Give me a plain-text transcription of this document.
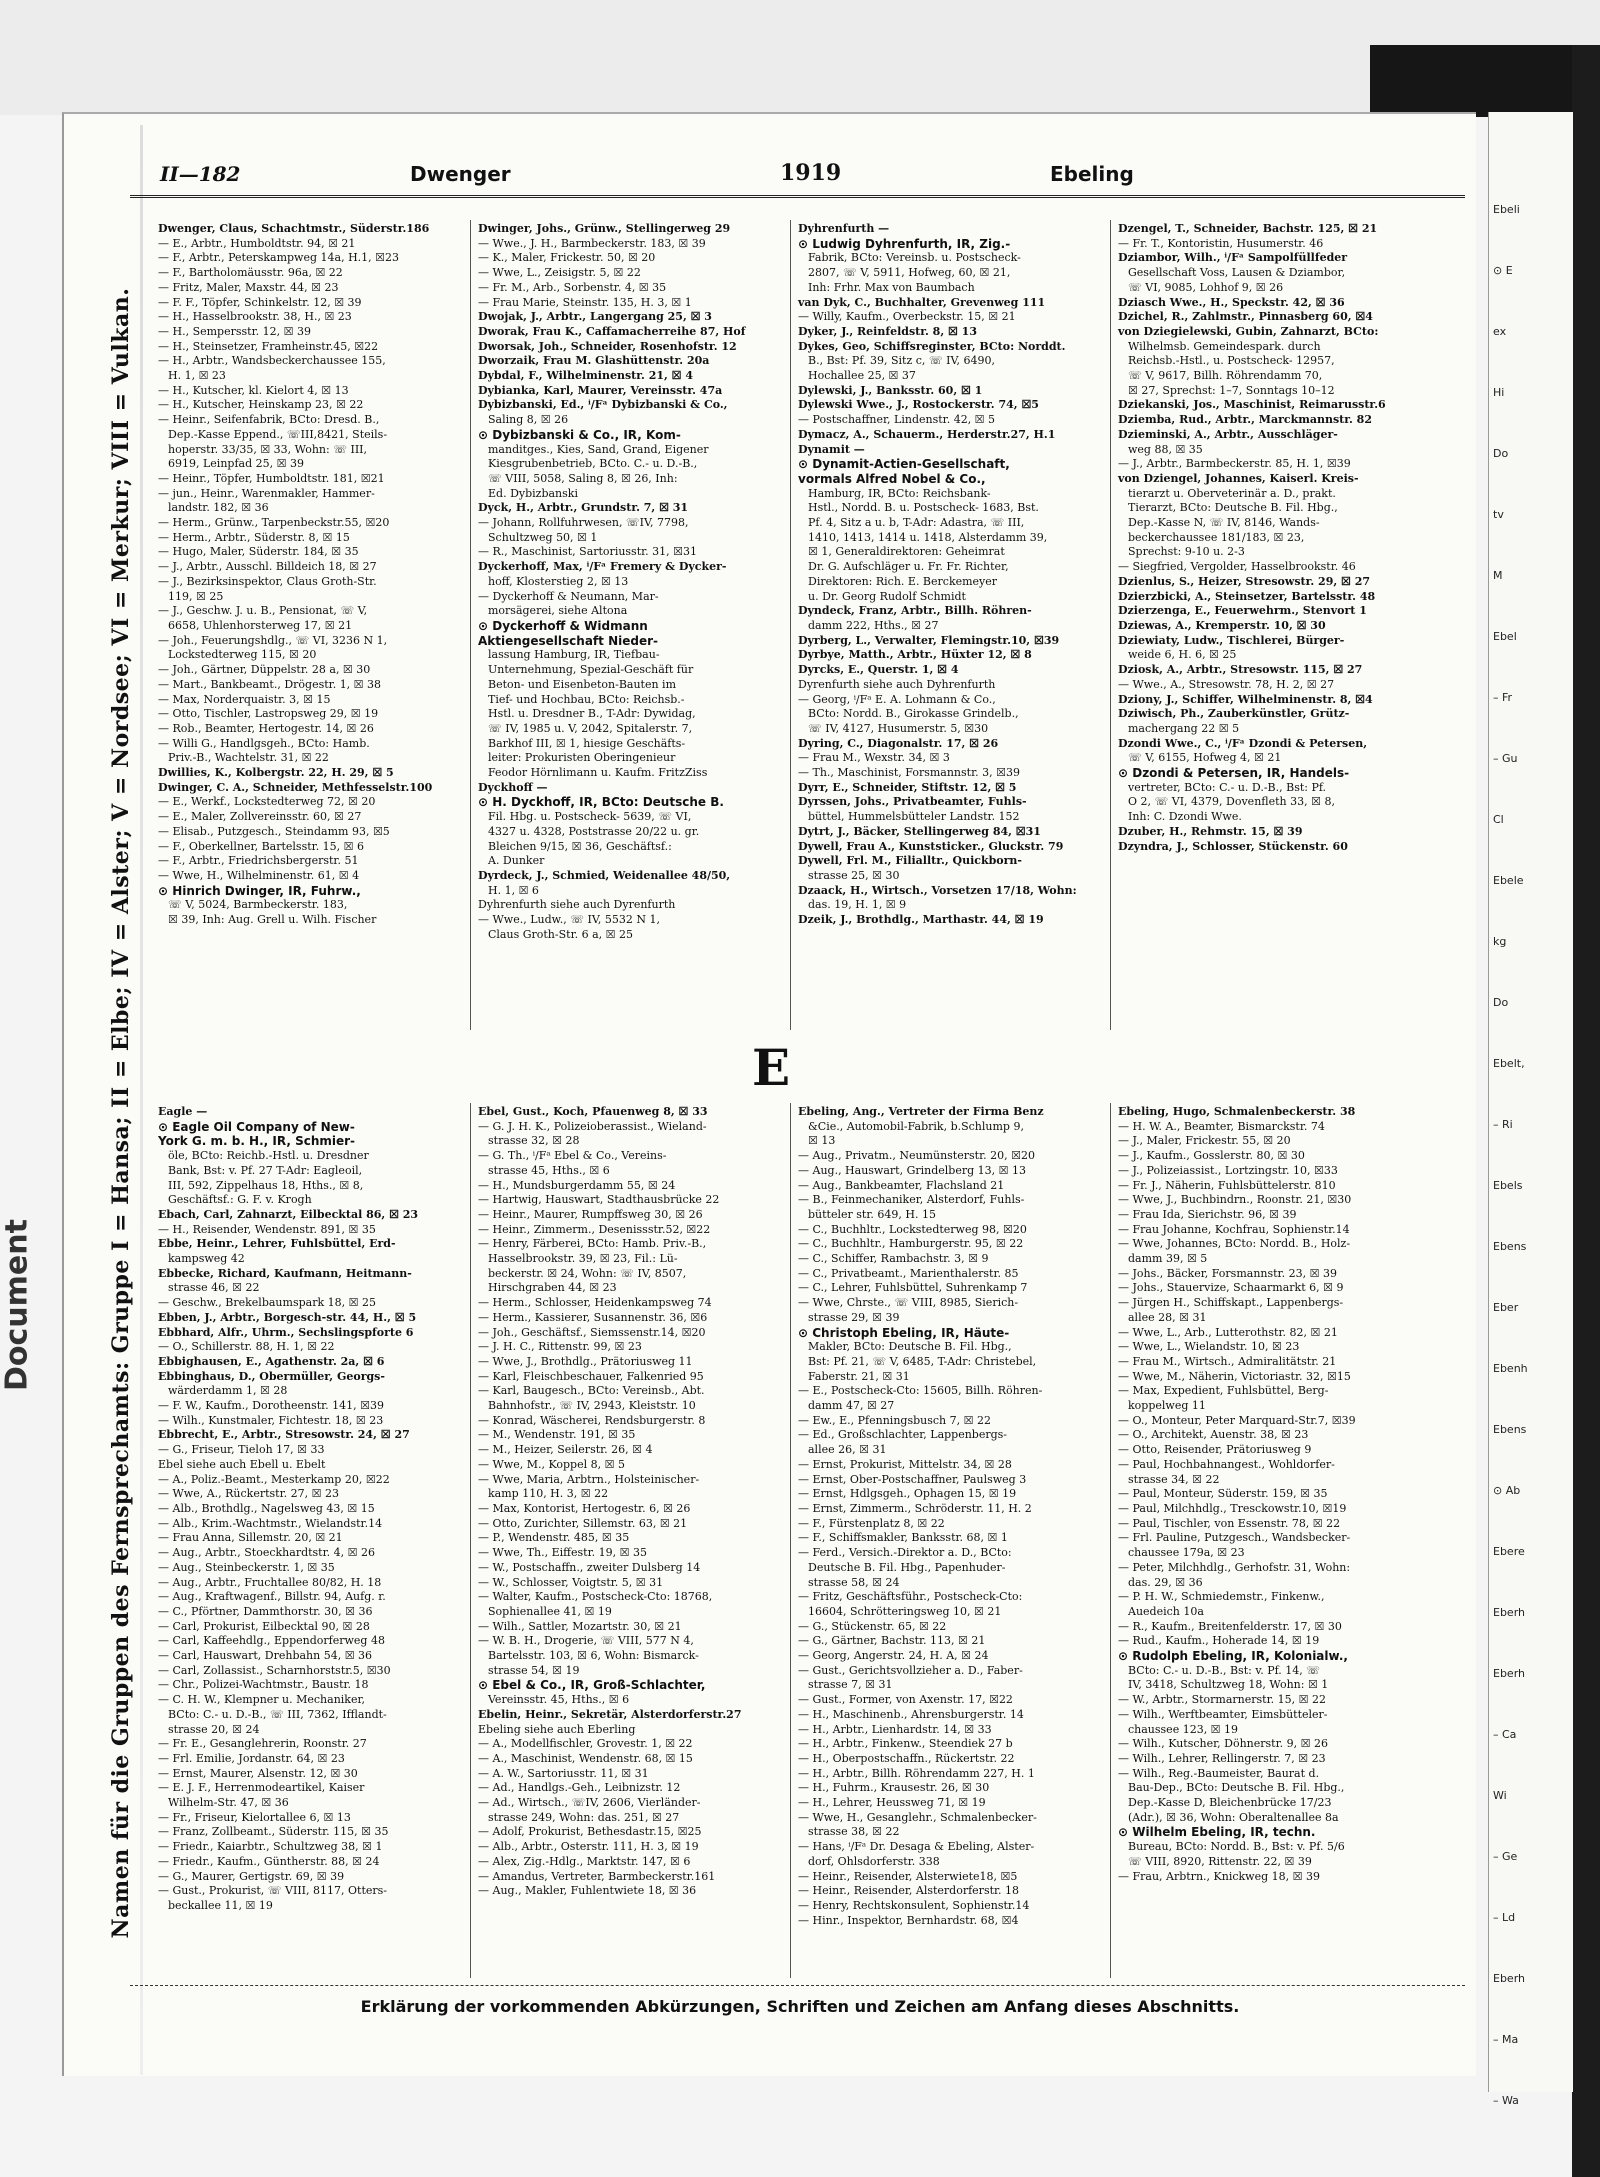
Document
Ebeli
⊙ E
ex
Hi
Do
tv
M
Ebel
– Fr
– Gu
Cl
Ebele
kg
Do
Ebelt,
– Ri
Ebels
Ebens
Eber
Ebenh
Ebens
⊙ Ab
Ebere
Eberh
Eberh
– Ca
Wi
– Ge
– Ld
Eberh
– Ma
– Wa
II—182	Dwenger	1919	Ebeling
Namen für die Gruppen des Fernsprechamts: Gruppe I = Hansa; II = Elbe; IV = Alster; V = Nordsee; VI = Merkur; VIII = Vulkan.
Dwenger, Claus, Schachtmstr., Süderstr.186
— E., Arbtr., Humboldtstr. 94, ☒ 21
— F., Arbtr., Peterskampweg 14a, H.1, ☒23
— F., Bartholomäusstr. 96a, ☒ 22
— Fritz, Maler, Maxstr. 44, ☒ 23
— F. F., Töpfer, Schinkelstr. 12, ☒ 39
— H., Hasselbrookstr. 38, H., ☒ 23
— H., Sempersstr. 12, ☒ 39
— H., Steinsetzer, Framheinstr.45, ☒22
— H., Arbtr., Wandsbeckerchaussee 155,
H. 1, ☒ 23
— H., Kutscher, kl. Kielort 4, ☒ 13
— H., Kutscher, Heinskamp 23, ☒ 22
— Heinr., Seifenfabrik, BCto: Dresd. B.,
Dep.-Kasse Eppend., ☏III,8421, Steils-
hoperstr. 33/35, ☒ 33, Wohn: ☏ III,
6919, Leinpfad 25, ☒ 39
— Heinr., Töpfer, Humboldtstr. 181, ☒21
— jun., Heinr., Warenmakler, Hammer-
landstr. 182, ☒ 36
— Herm., Grünw., Tarpenbeckstr.55, ☒20
— Herm., Arbtr., Süderstr. 8, ☒ 15
— Hugo, Maler, Süderstr. 184, ☒ 35
— J., Arbtr., Ausschl. Billdeich 18, ☒ 27
— J., Bezirksinspektor, Claus Groth-Str.
119, ☒ 25
— J., Geschw. J. u. B., Pensionat, ☏ V,
6658, Uhlenhorsterweg 17, ☒ 21
— Joh., Feuerungshdlg., ☏ VI, 3236 N 1,
Lockstedterweg 115, ☒ 20
— Joh., Gärtner, Düppelstr. 28 a, ☒ 30
— Mart., Bankbeamt., Drögestr. 1, ☒ 38
— Max, Norderquaistr. 3, ☒ 15
— Otto, Tischler, Lastropsweg 29, ☒ 19
— Rob., Beamter, Hertogestr. 14, ☒ 26
— Willi G., Handlgsgeh., BCto: Hamb.
Priv.-B., Wachtelstr. 31, ☒ 22
Dwillies, K., Kolbergstr. 22, H. 29, ☒ 5
Dwinger, C. A., Schneider, Methfesselstr.100
— E., Werkf., Lockstedterweg 72, ☒ 20
— E., Maler, Zollvereinsstr. 60, ☒ 27
— Elisab., Putzgesch., Steindamm 93, ☒5
— F., Oberkellner, Bartelsstr. 15, ☒ 6
— F., Arbtr., Friedrichsbergerstr. 51
— Wwe, H., Wilhelminenstr. 61, ☒ 4
⊙ Hinrich Dwinger, IR, Fuhrw.,
☏ V, 5024, Barmbeckerstr. 183,
☒ 39, Inh: Aug. Grell u. Wilh. Fischer
Dwinger, Johs., Grünw., Stellingerweg 29
— Wwe., J. H., Barmbeckerstr. 183, ☒ 39
— K., Maler, Frickestr. 50, ☒ 20
— Wwe, L., Zeisigstr. 5, ☒ 22
— Fr. M., Arb., Sorbenstr. 4, ☒ 35
— Frau Marie, Steinstr. 135, H. 3, ☒ 1
Dwojak, J., Arbtr., Langergang 25, ☒ 3
Dworak, Frau K., Caffamacherreihe 87, Hof
Dworsak, Joh., Schneider, Rosenhofstr. 12
Dworzaik, Frau M. Glashüttenstr. 20a
Dybdal, F., Wilhelminenstr. 21, ☒ 4
Dybianka, Karl, Maurer, Vereinsstr. 47a
Dybizbanski, Ed., ⁱ/Fᵃ Dybizbanski & Co.,
Saling 8, ☒ 26
⊙ Dybizbanski & Co., IR, Kom-
manditges., Kies, Sand, Grand, Eigener
Kiesgrubenbetrieb, BCto. C.- u. D.-B.,
☏ VIII, 5058, Saling 8, ☒ 26, Inh:
Ed. Dybizbanski
Dyck, H., Arbtr., Grundstr. 7, ☒ 31
— Johann, Rollfuhrwesen, ☏IV, 7798,
Schultzweg 50, ☒ 1
— R., Maschinist, Sartoriusstr. 31, ☒31
Dyckerhoff, Max, ⁱ/Fᵃ Fremery & Dycker-
hoff, Klosterstieg 2, ☒ 13
— Dyckerhoff & Neumann, Mar-
morsägerei, siehe Altona
⊙ Dyckerhoff & Widmann
Aktiengesellschaft Nieder-
lassung Hamburg, IR, Tiefbau-
Unternehmung, Spezial-Geschäft für
Beton- und Eisenbeton-Bauten im
Tief- und Hochbau, BCto: Reichsb.-
Hstl. u. Dresdner B., T-Adr: Dywidag,
☏ IV, 1985 u. V, 2042, Spitalerstr. 7,
Barkhof III, ☒ 1, hiesige Geschäfts-
leiter: Prokuristen Oberingenieur
Feodor Hörnlimann u. Kaufm. FritzZiss
Dyckhoff —
⊙ H. Dyckhoff, IR, BCto: Deutsche B.
Fil. Hbg. u. Postscheck- 5639, ☏ VI,
4327 u. 4328, Poststrasse 20/22 u. gr.
Bleichen 9/15, ☒ 36, Geschäftsf.:
A. Dunker
Dyrdeck, J., Schmied, Weidenallee 48/50,
H. 1, ☒ 6
Dyhrenfurth siehe auch Dyrenfurth
— Wwe., Ludw., ☏ IV, 5532 N 1,
Claus Groth-Str. 6 a, ☒ 25
Dyhrenfurth —
⊙ Ludwig Dyhrenfurth, IR, Zig.-
Fabrik, BCto: Vereinsb. u. Postscheck-
2807, ☏ V, 5911, Hofweg, 60, ☒ 21,
Inh: Frhr. Max von Baumbach
van Dyk, C., Buchhalter, Grevenweg 111
— Willy, Kaufm., Overbeckstr. 15, ☒ 21
Dyker, J., Reinfeldstr. 8, ☒ 13
Dykes, Geo, Schiffsreginster, BCto: Norddt.
B., Bst: Pf. 39, Sitz c, ☏ IV, 6490,
Hochallee 25, ☒ 37
Dylewski, J., Banksstr. 60, ☒ 1
Dylewski Wwe., J., Rostockerstr. 74, ☒5
— Postschaffner, Lindenstr. 42, ☒ 5
Dymacz, A., Schauerm., Herderstr.27, H.1
Dynamit —
⊙ Dynamit-Actien-Gesellschaft,
vormals Alfred Nobel & Co.,
Hamburg, IR, BCto: Reichsbank-
Hstl., Nordd. B. u. Postscheck- 1683, Bst.
Pf. 4, Sitz a u. b, T-Adr: Adastra, ☏ III,
1410, 1413, 1414 u. 1418, Alsterdamm 39,
☒ 1, Generaldirektoren: Geheimrat
Dr. G. Aufschläger u. Fr. Fr. Richter,
Direktoren: Rich. E. Berckemeyer
u. Dr. Georg Rudolf Schmidt
Dyndeck, Franz, Arbtr., Billh. Röhren-
damm 222, Hths., ☒ 27
Dyrberg, L., Verwalter, Flemingstr.10, ☒39
Dyrbye, Matth., Arbtr., Hüxter 12, ☒ 8
Dyrcks, E., Querstr. 1, ☒ 4
Dyrenfurth siehe auch Dyhrenfurth
— Georg, ⁱ/Fᵃ E. A. Lohmann & Co.,
BCto: Nordd. B., Girokasse Grindelb.,
☏ IV, 4127, Husumerstr. 5, ☒30
Dyring, C., Diagonalstr. 17, ☒ 26
— Frau M., Wexstr. 34, ☒ 3
— Th., Maschinist, Forsmannstr. 3, ☒39
Dyrr, E., Schneider, Stiftstr. 12, ☒ 5
Dyrssen, Johs., Privatbeamter, Fuhls-
büttel, Hummelsbütteler Landstr. 152
Dytrt, J., Bäcker, Stellingerweg 84, ☒31
Dywell, Frau A., Kunststicker., Gluckstr. 79
Dywell, Frl. M., Filialltr., Quickborn-
strasse 25, ☒ 30
Dzaack, H., Wirtsch., Vorsetzen 17/18, Wohn:
das. 19, H. 1, ☒ 9
Dzeik, J., Brothdlg., Marthastr. 44, ☒ 19
Dzengel, T., Schneider, Bachstr. 125, ☒ 21
— Fr. T., Kontoristin, Husumerstr. 46
Dziambor, Wilh., ⁱ/Fᵃ Sampolfüllfeder
Gesellschaft Voss, Lausen & Dziambor,
☏ VI, 9085, Lohhof 9, ☒ 26
Dziasch Wwe., H., Speckstr. 42, ☒ 36
Dzichel, R., Zahlmstr., Pinnasberg 60, ☒4
von Dziegielewski, Gubin, Zahnarzt, BCto:
Wilhelmsb. Gemeindespark. durch
Reichsb.-Hstl., u. Postscheck- 12957,
☏ V, 9617, Billh. Röhrendamm 70,
☒ 27, Sprechst: 1–7, Sonntags 10–12
Dziekanski, Jos., Maschinist, Reimarusstr.6
Dziemba, Rud., Arbtr., Marckmannstr. 82
Dzieminski, A., Arbtr., Ausschläger-
weg 88, ☒ 35
— J., Arbtr., Barmbeckerstr. 85, H. 1, ☒39
von Dziengel, Johannes, Kaiserl. Kreis-
tierarzt u. Oberveterinär a. D., prakt.
Tierarzt, BCto: Deutsche B. Fil. Hbg.,
Dep.-Kasse N, ☏ IV, 8146, Wands-
beckerchaussee 181/183, ☒ 23,
Sprechst: 9-10 u. 2-3
— Siegfried, Vergolder, Hasselbrookstr. 46
Dzienlus, S., Heizer, Stresowstr. 29, ☒ 27
Dzierzbicki, A., Steinsetzer, Bartelsstr. 48
Dzierzenga, E., Feuerwehrm., Stenvort 1
Dziewas, A., Kremperstr. 10, ☒ 30
Dziewiaty, Ludw., Tischlerei, Bürger-
weide 6, H. 6, ☒ 25
Dziosk, A., Arbtr., Stresowstr. 115, ☒ 27
— Wwe., A., Stresowstr. 78, H. 2, ☒ 27
Dziony, J., Schiffer, Wilhelminenstr. 8, ☒4
Dziwisch, Ph., Zauberkünstler, Grütz-
machergang 22 ☒ 5
Dzondi Wwe., C., ⁱ/Fᵃ Dzondi & Petersen,
☏ V, 6155, Hofweg 4, ☒ 21
⊙ Dzondi & Petersen, IR, Handels-
vertreter, BCto: C.- u. D.-B., Bst: Pf.
O 2, ☏ VI, 4379, Dovenfleth 33, ☒ 8,
Inh: C. Dzondi Wwe.
Dzuber, H., Rehmstr. 15, ☒ 39
Dzyndra, J., Schlosser, Stückenstr. 60
E
Eagle —
⊙ Eagle Oil Company of New-
York G. m. b. H., IR, Schmier-
öle, BCto: Reichb.-Hstl. u. Dresdner
Bank, Bst: v. Pf. 27 T-Adr: Eagleoil,
III, 592, Zippelhaus 18, Hths., ☒ 8,
Geschäftsf.: G. F. v. Krogh
Ebach, Carl, Zahnarzt, Eilbecktal 86, ☒ 23
— H., Reisender, Wendenstr. 891, ☒ 35
Ebbe, Heinr., Lehrer, Fuhlsbüttel, Erd-
kampsweg 42
Ebbecke, Richard, Kaufmann, Heitmann-
strasse 46, ☒ 22
— Geschw., Brekelbaumspark 18, ☒ 25
Ebben, J., Arbtr., Borgesch-str. 44, H., ☒ 5
Ebbhard, Alfr., Uhrm., Sechslingspforte 6
— O., Schillerstr. 88, H. 1, ☒ 22
Ebbighausen, E., Agathenstr. 2a, ☒ 6
Ebbinghaus, D., Obermüller, Georgs-
wärderdamm 1, ☒ 28
— F. W., Kaufm., Dorotheenstr. 141, ☒39
— Wilh., Kunstmaler, Fichtestr. 18, ☒ 23
Ebbrecht, E., Arbtr., Stresowstr. 24, ☒ 27
— G., Friseur, Tieloh 17, ☒ 33
Ebel siehe auch Ebell u. Ebelt
— A., Poliz.-Beamt., Mesterkamp 20, ☒22
— Wwe, A., Rückertstr. 27, ☒ 23
— Alb., Brothdlg., Nagelsweg 43, ☒ 15
— Alb., Krim.-Wachtmstr., Wielandstr.14
— Frau Anna, Sillemstr. 20, ☒ 21
— Aug., Arbtr., Stoeckhardtstr. 4, ☒ 26
— Aug., Steinbeckerstr. 1, ☒ 35
— Aug., Arbtr., Fruchtallee 80/82, H. 18
— Aug., Kraftwagenf., Billstr. 94, Aufg. r.
— C., Pförtner, Dammthorstr. 30, ☒ 36
— Carl, Prokurist, Eilbecktal 90, ☒ 28
— Carl, Kaffeehdlg., Eppendorferweg 48
— Carl, Hauswart, Drehbahn 54, ☒ 36
— Carl, Zollassist., Scharnhorststr.5, ☒30
— Chr., Polizei-Wachtmstr., Baustr. 18
— C. H. W., Klempner u. Mechaniker,
BCto: C.- u. D.-B., ☏ III, 7362, Ifflandt-
strasse 20, ☒ 24
— Fr. E., Gesanglehrerin, Roonstr. 27
— Frl. Emilie, Jordanstr. 64, ☒ 23
— Ernst, Maurer, Alsenstr. 12, ☒ 30
— E. J. F., Herrenmodeartikel, Kaiser
Wilhelm-Str. 47, ☒ 36
— Fr., Friseur, Kielortallee 6, ☒ 13
— Franz, Zollbeamt., Süderstr. 115, ☒ 35
— Friedr., Kaiarbtr., Schultzweg 38, ☒ 1
— Friedr., Kaufm., Güntherstr. 88, ☒ 24
— G., Maurer, Gertigstr. 69, ☒ 39
— Gust., Prokurist, ☏ VIII, 8117, Otters-
beckallee 11, ☒ 19
Ebel, Gust., Koch, Pfauenweg 8, ☒ 33
— G. J. H. K., Polizeioberassist., Wieland-
strasse 32, ☒ 28
— G. Th., ⁱ/Fᵃ Ebel & Co., Vereins-
strasse 45, Hths., ☒ 6
— H., Mundsburgerdamm 55, ☒ 24
— Hartwig, Hauswart, Stadthausbrücke 22
— Heinr., Maurer, Rumpffsweg 30, ☒ 26
— Heinr., Zimmerm., Desenissstr.52, ☒22
— Henry, Färberei, BCto: Hamb. Priv.-B.,
Hasselbrookstr. 39, ☒ 23, Fil.: Lü-
beckerstr. ☒ 24, Wohn: ☏ IV, 8507,
Hirschgraben 44, ☒ 23
— Herm., Schlosser, Heidenkampsweg 74
— Herm., Kassierer, Susannenstr. 36, ☒6
— Joh., Geschäftsf., Siemssenstr.14, ☒20
— J. H. C., Rittenstr. 99, ☒ 23
— Wwe, J., Brothdlg., Prätoriusweg 11
— Karl, Fleischbeschauer, Falkenried 95
— Karl, Baugesch., BCto: Vereinsb., Abt.
Bahnhofstr., ☏ IV, 2943, Kleiststr. 10
— Konrad, Wäscherei, Rendsburgerstr. 8
— M., Wendenstr. 191, ☒ 35
— M., Heizer, Seilerstr. 26, ☒ 4
— Wwe, M., Koppel 8, ☒ 5
— Wwe, Maria, Arbtrn., Holsteinischer-
kamp 110, H. 3, ☒ 22
— Max, Kontorist, Hertogestr. 6, ☒ 26
— Otto, Zurichter, Sillemstr. 63, ☒ 21
— P., Wendenstr. 485, ☒ 35
— Wwe, Th., Eiffestr. 19, ☒ 35
— W., Postschaffn., zweiter Dulsberg 14
— W., Schlosser, Voigtstr. 5, ☒ 31
— Walter, Kaufm., Postscheck-Cto: 18768,
Sophienallee 41, ☒ 19
— Wilh., Sattler, Mozartstr. 30, ☒ 21
— W. B. H., Drogerie, ☏ VIII, 577 N 4,
Bartelsstr. 103, ☒ 6, Wohn: Bismarck-
strasse 54, ☒ 19
⊙ Ebel & Co., IR, Groß-Schlachter,
Vereinsstr. 45, Hths., ☒ 6
Ebelin, Heinr., Sekretär, Alsterdorferstr.27
Ebeling siehe auch Eberling
— A., Modellfischler, Grovestr. 1, ☒ 22
— A., Maschinist, Wendenstr. 68, ☒ 15
— A. W., Sartoriusstr. 11, ☒ 31
— Ad., Handlgs.-Geh., Leibnizstr. 12
— Ad., Wirtsch., ☏IV, 2606, Vierländer-
strasse 249, Wohn: das. 251, ☒ 27
— Adolf, Prokurist, Bethesdastr.15, ☒25
— Alb., Arbtr., Osterstr. 111, H. 3, ☒ 19
— Alex, Zig.-Hdlg., Marktstr. 147, ☒ 6
— Amandus, Vertreter, Barmbeckerstr.161
— Aug., Makler, Fuhlentwiete 18, ☒ 36
Ebeling, Ang., Vertreter der Firma Benz
&Cie., Automobil-Fabrik, b.Schlump 9,
☒ 13
— Aug., Privatm., Neumünsterstr. 20, ☒20
— Aug., Hauswart, Grindelberg 13, ☒ 13
— Aug., Bankbeamter, Flachsland 21
— B., Feinmechaniker, Alsterdorf, Fuhls-
bütteler str. 649, H. 15
— C., Buchhltr., Lockstedterweg 98, ☒20
— C., Buchhltr., Hamburgerstr. 95, ☒ 22
— C., Schiffer, Rambachstr. 3, ☒ 9
— C., Privatbeamt., Marienthalerstr. 85
— C., Lehrer, Fuhlsbüttel, Suhrenkamp 7
— Wwe, Chrste., ☏ VIII, 8985, Sierich-
strasse 29, ☒ 39
⊙ Christoph Ebeling, IR, Häute-
Makler, BCto: Deutsche B. Fil. Hbg.,
Bst: Pf. 21, ☏ V, 6485, T-Adr: Christebel,
Faberstr. 21, ☒ 31
— E., Postscheck-Cto: 15605, Billh. Röhren-
damm 47, ☒ 27
— Ew., E., Pfenningsbusch 7, ☒ 22
— Ed., Großschlachter, Lappenbergs-
allee 26, ☒ 31
— Ernst, Prokurist, Mittelstr. 34, ☒ 28
— Ernst, Ober-Postschaffner, Paulsweg 3
— Ernst, Hdlgsgeh., Ophagen 15, ☒ 19
— Ernst, Zimmerm., Schröderstr. 11, H. 2
— F., Fürstenplatz 8, ☒ 22
— F., Schiffsmakler, Banksstr. 68, ☒ 1
— Ferd., Versich.-Direktor a. D., BCto:
Deutsche B. Fil. Hbg., Papenhuder-
strasse 58, ☒ 24
— Fritz, Geschäftsführ., Postscheck-Cto:
16604, Schrötteringsweg 10, ☒ 21
— G., Stückenstr. 65, ☒ 22
— G., Gärtner, Bachstr. 113, ☒ 21
— Georg, Angerstr. 24, H. A, ☒ 24
— Gust., Gerichtsvollzieher a. D., Faber-
strasse 7, ☒ 31
— Gust., Former, von Axenstr. 17, ☒22
— H., Maschinenb., Ahrensburgerstr. 14
— H., Arbtr., Lienhardstr. 14, ☒ 33
— H., Arbtr., Finkenw., Steendiek 27 b
— H., Oberpostschaffn., Rückertstr. 22
— H., Arbtr., Billh. Röhrendamm 227, H. 1
— H., Fuhrm., Krausestr. 26, ☒ 30
— H., Lehrer, Heussweg 71, ☒ 19
— Wwe, H., Gesanglehr., Schmalenbecker-
strasse 38, ☒ 22
— Hans, ⁱ/Fᵃ Dr. Desaga & Ebeling, Alster-
dorf, Ohlsdorferstr. 338
— Heinr., Reisender, Alsterwiete18, ☒5
— Heinr., Reisender, Alsterdorferstr. 18
— Henry, Rechtskonsulent, Sophienstr.14
— Hinr., Inspektor, Bernhardstr. 68, ☒4
Ebeling, Hugo, Schmalenbeckerstr. 38
— H. W. A., Beamter, Bismarckstr. 74
— J., Maler, Frickestr. 55, ☒ 20
— J., Kaufm., Gosslerstr. 80, ☒ 30
— J., Polizeiassist., Lortzingstr. 10, ☒33
— Fr. J., Näherin, Fuhlsbüttelerstr. 810
— Wwe, J., Buchbindrn., Roonstr. 21, ☒30
— Frau Ida, Sierichstr. 96, ☒ 39
— Frau Johanne, Kochfrau, Sophienstr.14
— Wwe, Johannes, BCto: Nordd. B., Holz-
damm 39, ☒ 5
— Johs., Bäcker, Forsmannstr. 23, ☒ 39
— Johs., Stauervize, Schaarmarkt 6, ☒ 9
— Jürgen H., Schiffskapt., Lappenbergs-
allee 28, ☒ 31
— Wwe, L., Arb., Lutterothstr. 82, ☒ 21
— Wwe, L., Wielandstr. 10, ☒ 23
— Frau M., Wirtsch., Admiralitätstr. 21
— Wwe, M., Näherin, Victoriastr. 32, ☒15
— Max, Expedient, Fuhlsbüttel, Berg-
koppelweg 11
— O., Monteur, Peter Marquard-Str.7, ☒39
— O., Architekt, Auenstr. 38, ☒ 23
— Otto, Reisender, Prätoriusweg 9
— Paul, Hochbahnangest., Wohldorfer-
strasse 34, ☒ 22
— Paul, Monteur, Süderstr. 159, ☒ 35
— Paul, Milchhdlg., Tresckowstr.10, ☒19
— Paul, Tischler, von Essenstr. 78, ☒ 22
— Frl. Pauline, Putzgesch., Wandsbecker-
chaussee 179a, ☒ 23
— Peter, Milchhdlg., Gerhofstr. 31, Wohn:
das. 29, ☒ 36
— P. H. W., Schmiedemstr., Finkenw.,
Auedeich 10a
— R., Kaufm., Breitenfelderstr. 17, ☒ 30
— Rud., Kaufm., Hoherade 14, ☒ 19
⊙ Rudolph Ebeling, IR, Kolonialw.,
BCto: C.- u. D.-B., Bst: v. Pf. 14, ☏
IV, 3418, Schultzweg 18, Wohn: ☒ 1
— W., Arbtr., Stormarnerstr. 15, ☒ 22
— Wilh., Werftbeamter, Eimsbütteler-
chaussee 123, ☒ 19
— Wilh., Kutscher, Döhnerstr. 9, ☒ 26
— Wilh., Lehrer, Rellingerstr. 7, ☒ 23
— Wilh., Reg.-Baumeister, Baurat d.
Bau-Dep., BCto: Deutsche B. Fil. Hbg.,
Dep.-Kasse D, Bleichenbrücke 17/23
(Adr.), ☒ 36, Wohn: Oberaltenallee 8a
⊙ Wilhelm Ebeling, IR, techn.
Bureau, BCto: Nordd. B., Bst: v. Pf. 5/6
☏ VIII, 8920, Rittenstr. 22, ☒ 39
— Frau, Arbtrn., Knickweg 18, ☒ 39
Erklärung der vorkommenden Abkürzungen, Schriften und Zeichen am Anfang dieses Abschnitts.
